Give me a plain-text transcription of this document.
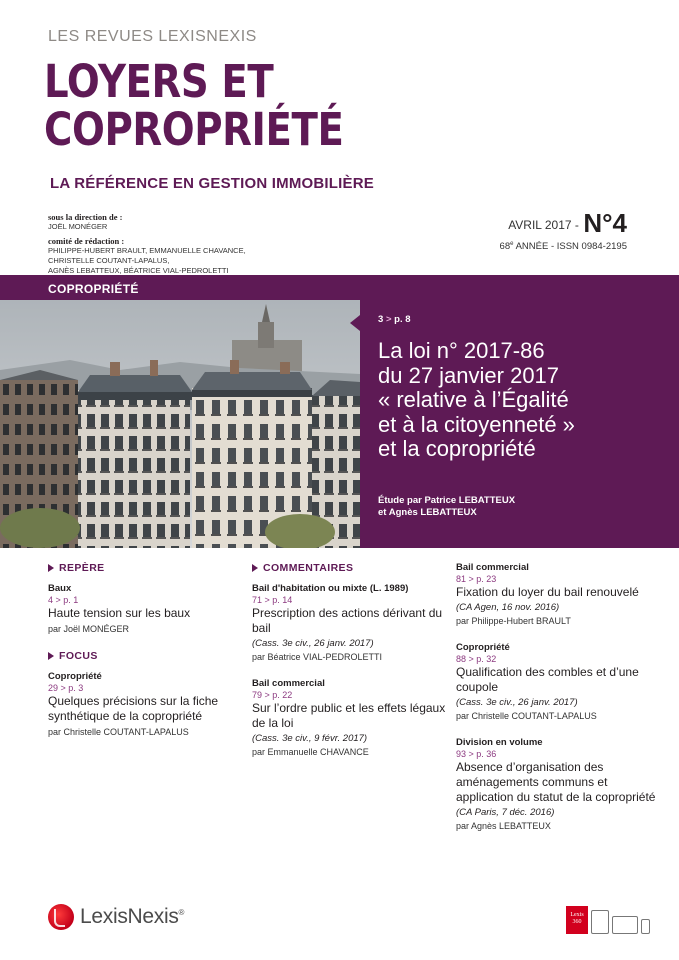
LES REVUES LEXISNEXIS
LOYERS ET
COPROPRIÉTÉ
LA RÉFÉRENCE EN GESTION IMMOBILIÈRE
sous la direction de :
JOËL MONÉGER
comité de rédaction :
PHILIPPE-HUBERT BRAULT, EMMANUELLE CHAVANCE,
CHRISTELLE COUTANT-LAPALUS,
AGNÈS LEBATTEUX, BÉATRICE VIAL-PEDROLETTI
AVRIL 2017 - N°4
68e ANNÉE - ISSN 0984-2195
COPROPRIÉTÉ
3 > p. 8
La loi n° 2017-86
du 27 janvier 2017
« relative à l’Égalité
et à la citoyenneté »
et la copropriété
Étude par Patrice LEBATTEUX
et Agnès LEBATTEUX
REPÈRE
Baux
4 > p. 1
Haute tension sur les baux
par Joël MONÉGER
FOCUS
Copropriété
29 > p. 3
Quelques précisions sur la fiche synthétique de la copropriété
par Christelle COUTANT-LAPALUS
COMMENTAIRES
Bail d'habitation ou mixte (L. 1989)
71 > p. 14
Prescription des actions dérivant du bail
(Cass. 3e civ., 26 janv. 2017)
par Béatrice VIAL-PEDROLETTI
Bail commercial
79 > p. 22
Sur l’ordre public et les effets légaux de la loi
(Cass. 3e civ., 9 févr. 2017)
par Emmanuelle CHAVANCE
Bail commercial
81 > p. 23
Fixation du loyer du bail renouvelé
(CA Agen, 16 nov. 2016)
par Philippe-Hubert BRAULT
Copropriété
88 > p. 32
Qualification des combles et d’une coupole
(Cass. 3e civ., 26 janv. 2017)
par Christelle COUTANT-LAPALUS
Division en volume
93 > p. 36
Absence d’organisation des aménagements communs et application du statut de la copropriété
(CA Paris, 7 déc. 2016)
par Agnès LEBATTEUX
LexisNexis®	Lexis
360
